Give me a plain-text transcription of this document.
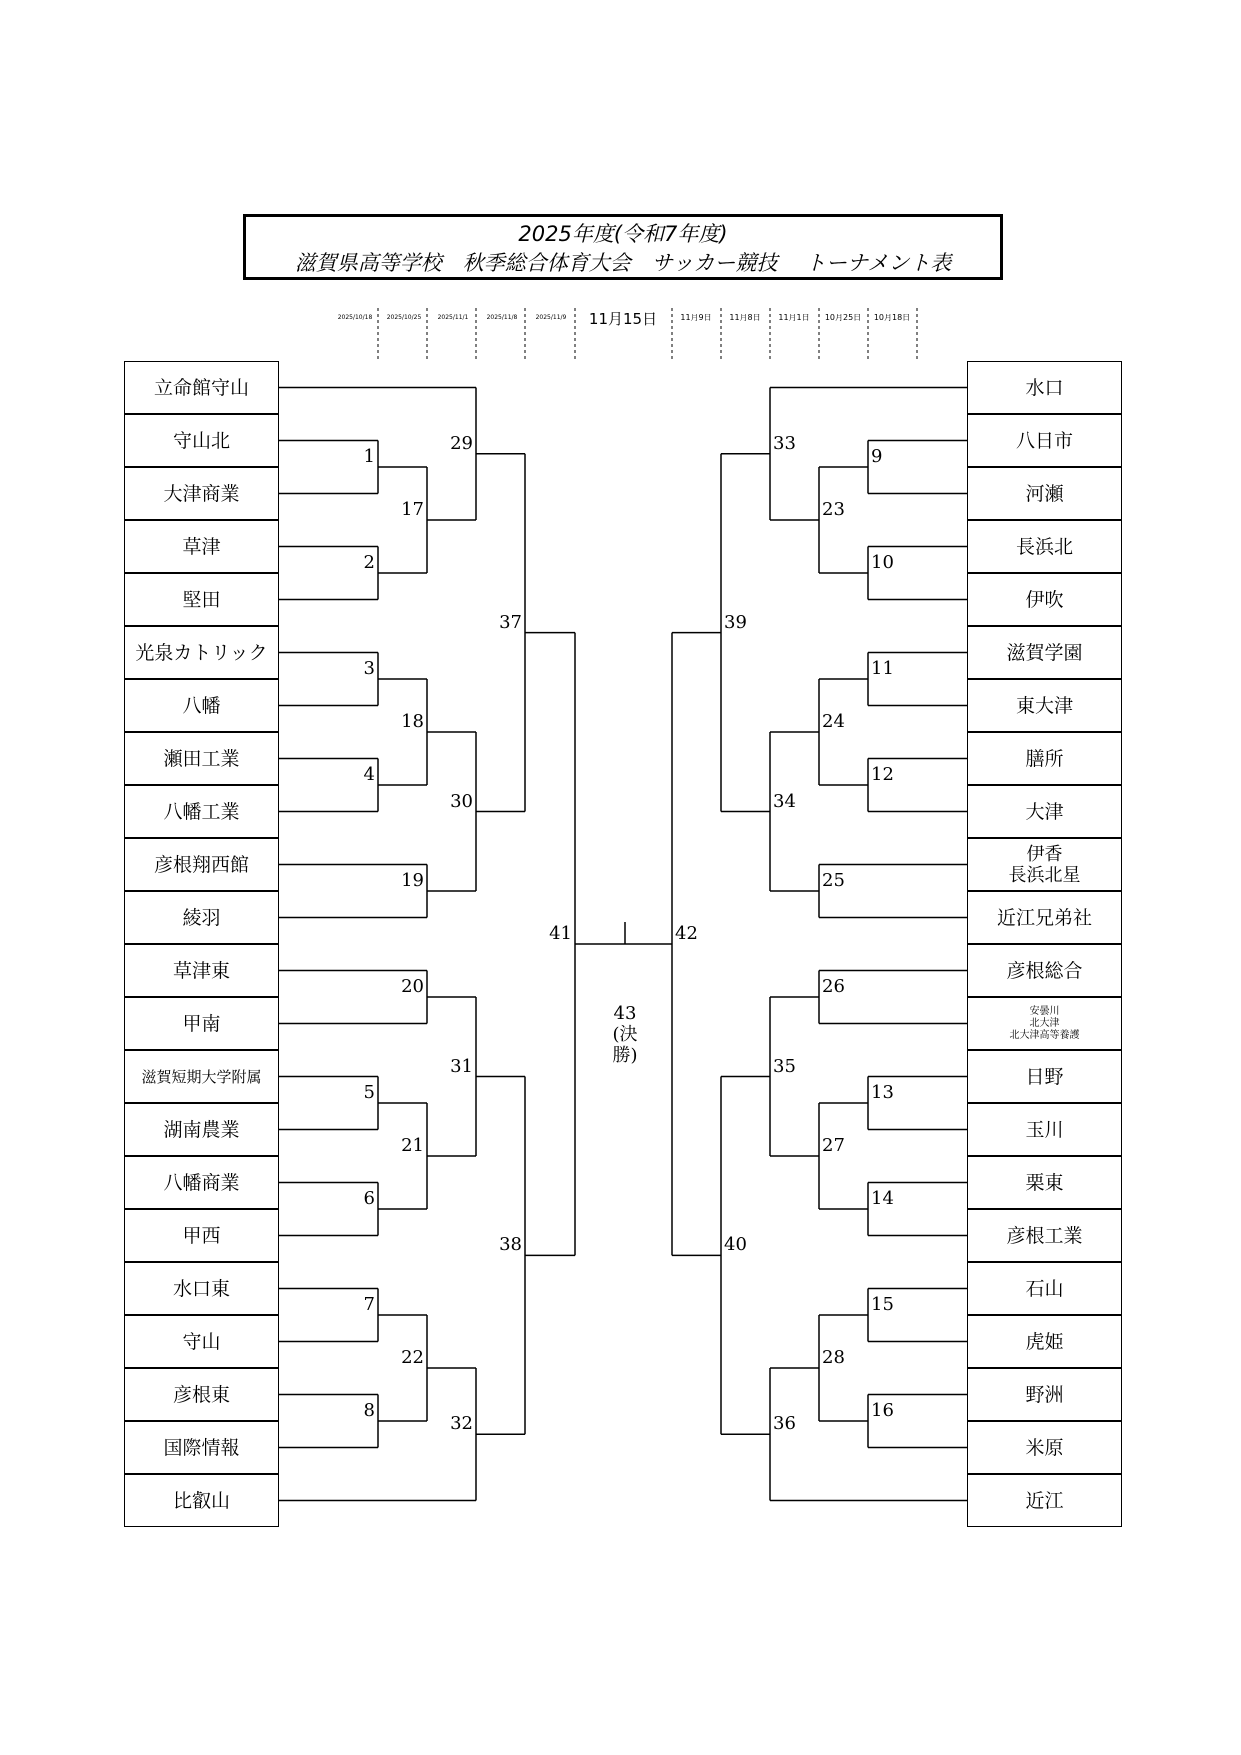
2025年度(令和7年度)
滋賀県高等学校　秋季総合体育大会　サッカー競技　 トーナメント表
2025/10/18	2025/10/25	2025/11/1	2025/11/8	2025/11/9	11月15日	11月9日	11月8日	11月1日	10月25日	10月18日
立命館守山
守山北
大津商業
草津
堅田
光泉カトリック
八幡
瀬田工業
八幡工業
彦根翔西館
綾羽
草津東
甲南
滋賀短期大学附属
湖南農業
八幡商業
甲西
水口東
守山
彦根東
国際情報
比叡山
水口
八日市
河瀬
長浜北
伊吹
滋賀学園
東大津
膳所
大津
伊香
長浜北星
近江兄弟社
彦根総合
安曇川
北大津
北大津高等養護
日野
玉川
栗東
彦根工業
石山
虎姫
野洲
米原
近江
1
2
17
29
3
4
18
19
30
37
20
5
6
21
31
7
8
22
32
38
41
9
10
23
33
11
12
24
25
34
39
26
13
14
27
35
15
16
28
36
40
42
43
(決勝)
